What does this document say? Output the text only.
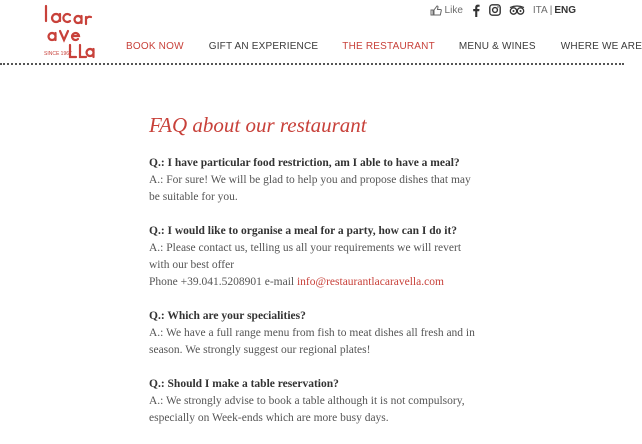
SINCE 1967
Like	ITA | ENG
BOOK NOW	GIFT AN EXPERIENCE THE RESTAURANT MENU & WINES	WHERE WE ARE
FAQ about our restaurant
Q.: I have particular food restriction, am I able to have a meal?
A.: For sure! We will be glad to help you and propose dishes that may be suitable for you.
Q.: I would like to organise a meal for a party, how can I do it?
A.: Please contact us, telling us all your requirements we will revert with our best offer
Phone +39.041.5208901 e-mail info@restaurantlacaravella.com
Q.: Which are your specialities?
A.: We have a full range menu from fish to meat dishes all fresh and in season. We strongly suggest our regional plates!
Q.: Should I make a table reservation?
A.: We strongly advise to book a table although it is not compulsory, especially on Week-ends which are more busy days.
